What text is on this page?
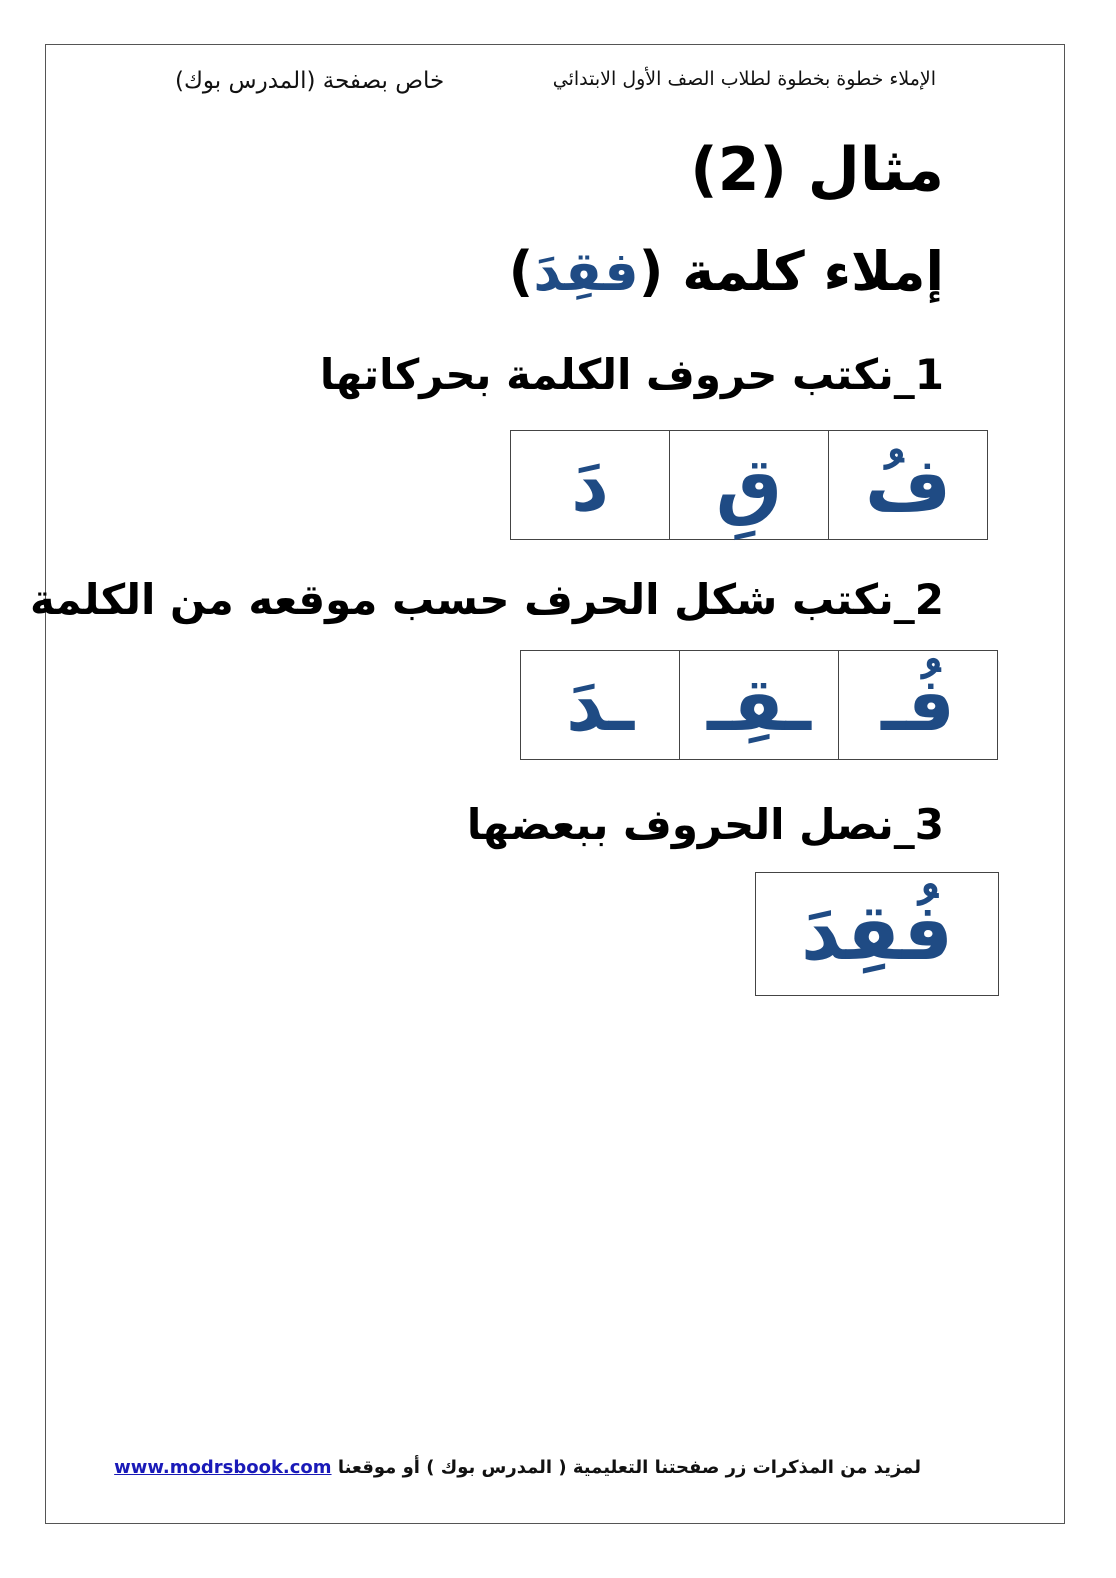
الإملاء خطوة بخطوة لطلاب الصف الأول الابتدائي
خاص بصفحة (المدرس بوك)
مثال (2)
إملاء كلمة (فقِدَ)
1_نكتب حروف الكلمة بحركاتها
فُ	قِ	دَ
2_نكتب شكل الحرف حسب موقعه من الكلمة
فُـ	ـقِـ	ـدَ
3_نصل الحروف ببعضها
فُقِدَ
لمزيد من المذكرات زر صفحتنا التعليمية ( المدرس بوك ) أو موقعنا www.modrsbook.com
